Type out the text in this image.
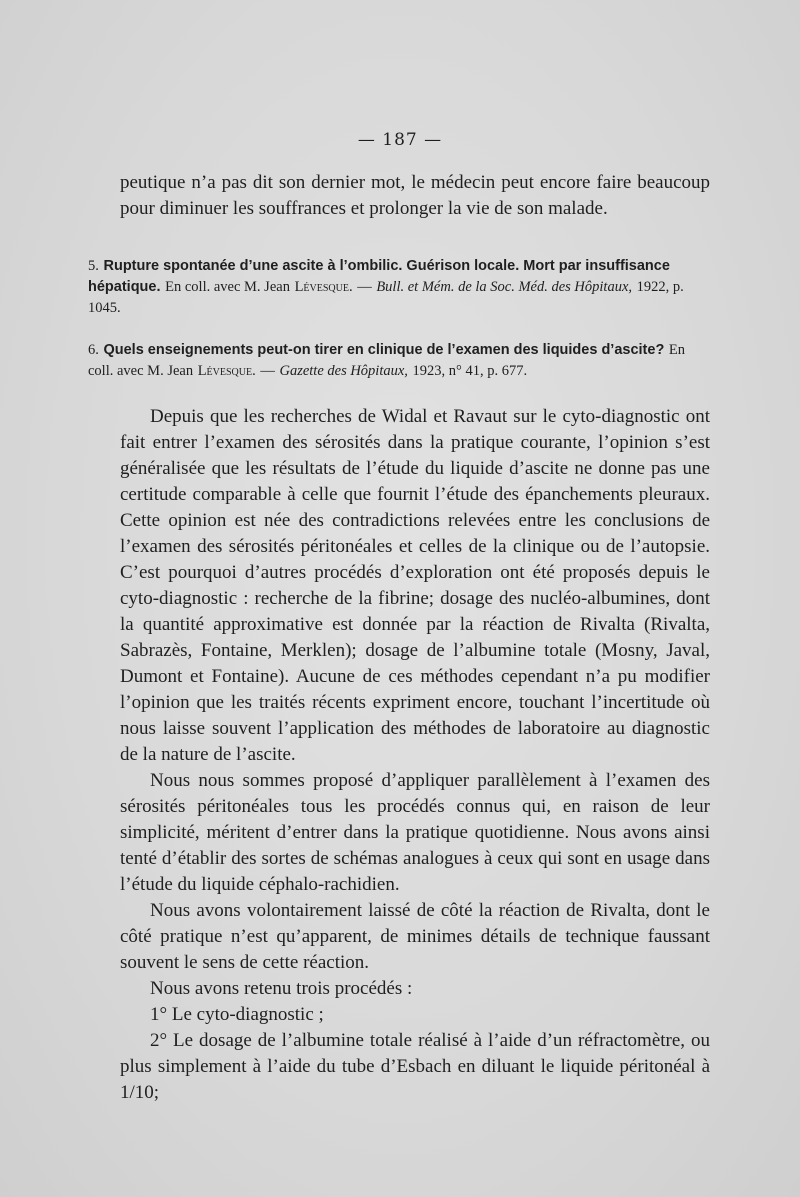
— 187 —
peutique n’a pas dit son dernier mot, le médecin peut encore faire beaucoup pour diminuer les souffrances et prolonger la vie de son malade.
5. Rupture spontanée d’une ascite à l’ombilic. Guérison locale. Mort par insuffisance hépatique. En coll. avec M. Jean Lévesque. — Bull. et Mém. de la Soc. Méd. des Hôpitaux, 1922, p. 1045.
6. Quels enseignements peut-on tirer en clinique de l’examen des liquides d’ascite? En coll. avec M. Jean Lévesque. — Gazette des Hôpitaux, 1923, n° 41, p. 677.

Depuis que les recherches de Widal et Ravaut sur le cyto-diagnostic ont fait entrer l’examen des sérosités dans la pratique courante, l’opinion s’est généralisée que les résultats de l’étude du liquide d’ascite ne donne pas une certitude comparable à celle que fournit l’étude des épanchements pleuraux. Cette opinion est née des contradictions relevées entre les conclusions de l’examen des sérosités péritonéales et celles de la clinique ou de l’autopsie. C’est pourquoi d’autres procédés d’exploration ont été proposés depuis le cyto-diagnostic : recherche de la fibrine; dosage des nucléo-albumines, dont la quantité approximative est donnée par la réaction de Rivalta (Rivalta, Sabrazès, Fontaine, Merklen); dosage de l’albumine totale (Mosny, Javal, Dumont et Fontaine). Aucune de ces méthodes cependant n’a pu modifier l’opinion que les traités récents expriment encore, touchant l’incertitude où nous laisse souvent l’application des méthodes de laboratoire au diagnostic de la nature de l’ascite.

Nous nous sommes proposé d’appliquer parallèlement à l’examen des sérosités péritonéales tous les procédés connus qui, en raison de leur simplicité, méritent d’entrer dans la pratique quotidienne. Nous avons ainsi tenté d’établir des sortes de schémas analogues à ceux qui sont en usage dans l’étude du liquide céphalo-rachidien.

Nous avons volontairement laissé de côté la réaction de Rivalta, dont le côté pratique n’est qu’apparent, de minimes détails de technique faussant souvent le sens de cette réaction.

Nous avons retenu trois procédés :

1° Le cyto-diagnostic ;

2° Le dosage de l’albumine totale réalisé à l’aide d’un réfractomètre, ou plus simplement à l’aide du tube d’Esbach en diluant le liquide péritonéal à 1/10;
